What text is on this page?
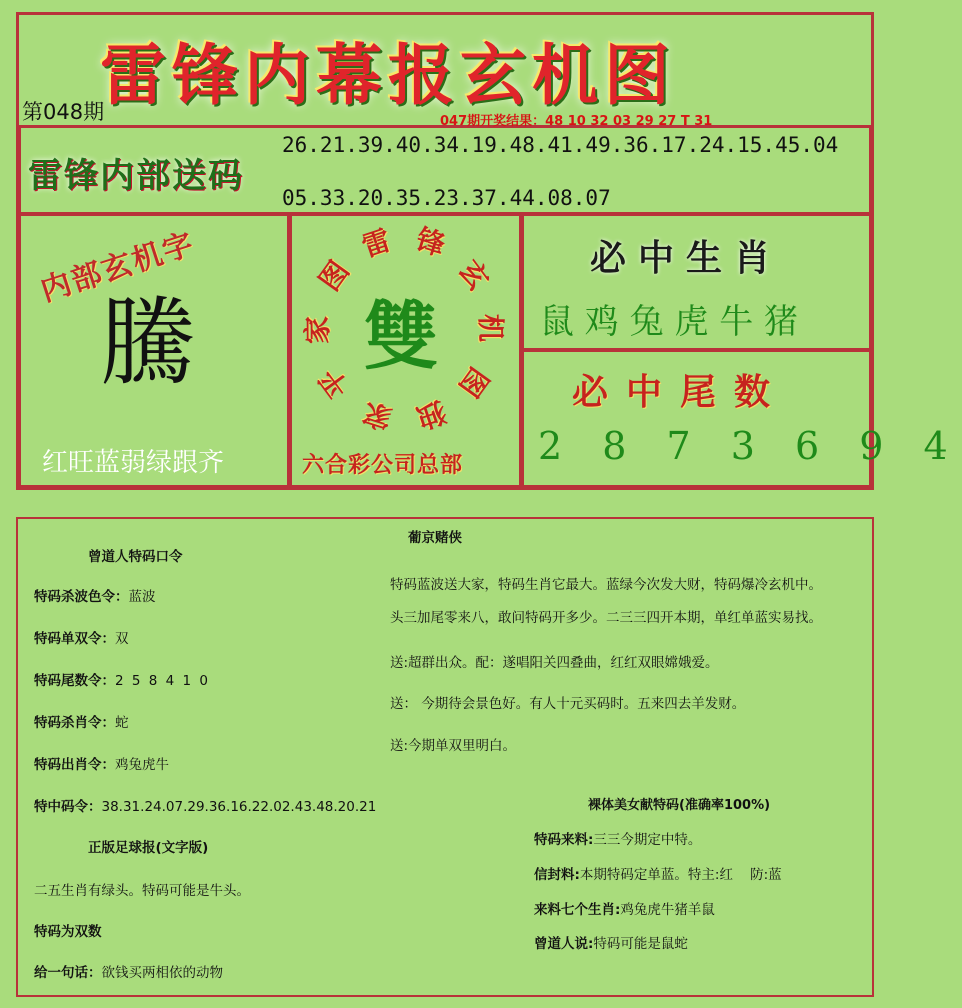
雷锋内幕报玄机图
第048期	047期开奖结果：48 10 32 03 29 27 T 31
雷锋内部送码
26.21.39.40.34.19.48.41.49.36.17.24.15.45.04
05.33.20.35.23.37.44.08.07
内部玄机字
騰
红旺蓝弱绿跟齐
雷 锋
玄
机
图
独
家
平
家
图
雙
六合彩公司总部
必中生肖
鼠 鸡 兔 虎 牛 猪
必中尾数
2 8 7 3 6 9 4
曾道人特码口令
特码杀波色令：蓝波
特码单双令：双
特码尾数令：2 5 8 4 1 0
特码杀肖令：蛇
特码出肖令：鸡兔虎牛
特中码令：38.31.24.07.29.36.16.22.02.43.48.20.21
正版足球报(文字版)
二五生肖有绿头。特码可能是牛头。
特码为双数
给一句话：欲钱买两相依的动物
葡京赌侠
特码蓝波送大家，特码生肖它最大。蓝绿今次发大财，特码爆冷玄机中。
头三加尾零来八，敢问特码开多少。二三三四开本期，单红单蓝实易找。
送:超群出众。配：遂唱阳关四叠曲，红红双眼嫦娥爱。
送： 今期待会景色好。有人十元买码时。五来四去羊发财。
送:今期单双里明白。
裸体美女献特码(准确率100%)
特码来料:三三今期定中特。
信封料:本期特码定单蓝。特主:红    防:蓝
来料七个生肖:鸡兔虎牛猪羊鼠
曾道人说:特码可能是鼠蛇
